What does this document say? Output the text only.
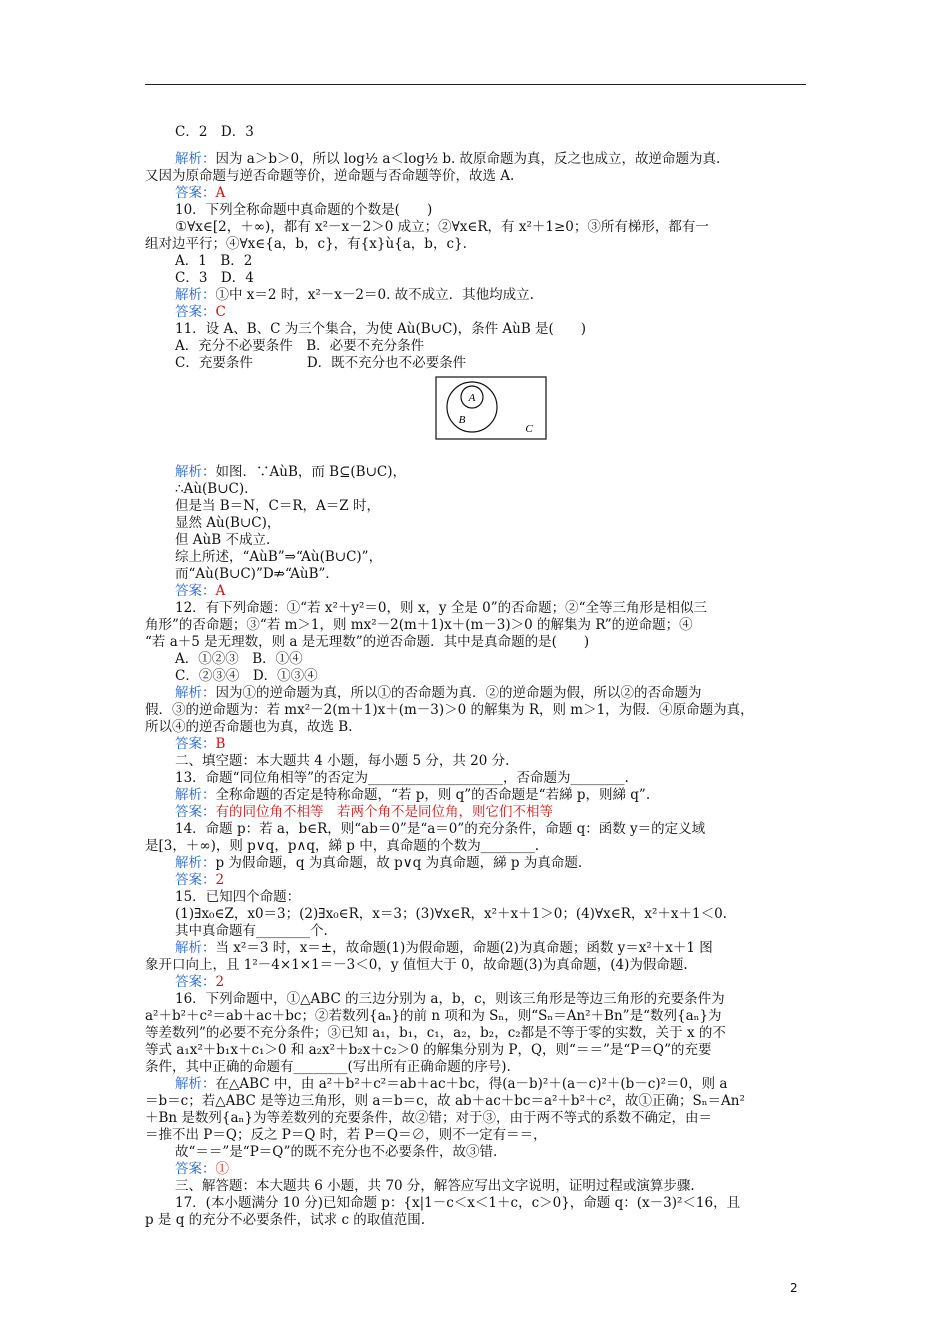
C．2　D．3
解析：因为 a＞b＞0，所以 log½ a＜log½ b. 故原命题为真，反之也成立，故逆命题为真.
又因为原命题与逆否命题等价，逆命题与否命题等价，故选 A.
答案：A
10．下列全称命题中真命题的个数是(　　)
①∀x∈[2，＋∞)，都有 x²－x－2＞0 成立；②∀x∈R，有 x²＋1≥0；③所有梯形，都有一
组对边平行；④∀x∈{a，b，c}，有{x}ù{a，b，c}.
A．1　B．2
C．3　D．4
解析：①中 x＝2 时，x²－x－2＝0. 故不成立．其他均成立.
答案：C
11．设 A、B、C 为三个集合，为使 Aù(B∪C)，条件 AùB 是(　　)
A．充分不必要条件　B．必要不充分条件
C．充要条件　　　　D．既不充分也不必要条件
A
B
C
解析：如图．∵AùB，而 B⊆(B∪C)，
∴Aù(B∪C).
但是当 B＝N，C＝R，A＝Z 时，
显然 Aù(B∪C)，
但 AùB 不成立.
综上所述，“AùB”⇒“Aù(B∪C)”，
而“Aù(B∪C)”D⇏“AùB”．
答案：A
12．有下列命题：①“若 x²＋y²＝0，则 x，y 全是 0”的否命题；②“全等三角形是相似三
角形”的否命题；③“若 m＞1，则 mx²－2(m＋1)x＋(m－3)＞0 的解集为 R”的逆命题；④
“若 a＋5 是无理数，则 a 是无理数”的逆否命题．其中是真命题的是(　　)
A．①②③　B．①④
C．②③④　D．①③④
解析：因为①的逆命题为真，所以①的否命题为真．②的逆命题为假，所以②的否命题为
假．③的逆命题为：若 mx²－2(m＋1)x＋(m－3)＞0 的解集为 R，则 m＞1，为假．④原命题为真，
所以④的逆否命题也为真，故选 B.
答案：B
二、填空题：本大题共 4 小题，每小题 5 分，共 20 分.
13．命题“同位角相等”的否定为____________________，否命题为________.
解析：全称命题的否定是特称命题，“若 p，则 q”的否命题是“若綈 p，则綈 q”.
答案：有的同位角不相等　若两个角不是同位角，则它们不相等
14．命题 p：若 a，b∈R，则“ab＝0”是“a＝0”的充分条件，命题 q：函数 y＝的定义域
是[3，＋∞)，则 p∨q，p∧q，綈 p 中，真命题的个数为________.
解析：p 为假命题，q 为真命题，故 p∨q 为真命题，綈 p 为真命题.
答案：2
15．已知四个命题：
(1)∃x₀∈Z，x0＝3；(2)∃x₀∈R，x＝3；(3)∀x∈R，x²＋x＋1＞0；(4)∀x∈R，x²＋x＋1＜0.
其中真命题有________个.
解析：当 x²＝3 时，x＝±，故命题(1)为假命题，命题(2)为真命题；函数 y＝x²＋x＋1 图
象开口向上，且 1²－4×1×1＝－3＜0，y 值恒大于 0，故命题(3)为真命题，(4)为假命题.
答案：2
16．下列命题中，①△ABC 的三边分别为 a，b，c，则该三角形是等边三角形的充要条件为
a²＋b²＋c²＝ab＋ac＋bc；②若数列{aₙ}的前 n 项和为 Sₙ，则“Sₙ＝An²＋Bn”是“数列{aₙ}为
等差数列”的必要不充分条件；③已知 a₁，b₁，c₁，a₂，b₂，c₂都是不等于零的实数，关于 x 的不
等式 a₁x²＋b₁x＋c₁＞0 和 a₂x²＋b₂x＋c₂＞0 的解集分别为 P，Q，则“＝＝”是“P＝Q”的充要
条件，其中正确的命题有________(写出所有正确命题的序号).
解析：在△ABC 中，由 a²＋b²＋c²＝ab＋ac＋bc，得(a－b)²＋(a－c)²＋(b－c)²＝0，则 a
＝b＝c；若△ABC 是等边三角形，则 a＝b＝c，故 ab＋ac＋bc＝a²＋b²＋c²，故①正确；Sₙ＝An²
＋Bn 是数列{aₙ}为等差数列的充要条件，故②错；对于③，由于两不等式的系数不确定，由＝
＝推不出 P＝Q；反之 P＝Q 时，若 P＝Q＝∅，则不一定有＝＝，
故“＝＝”是“P＝Q”的既不充分也不必要条件，故③错.
答案：①
三、解答题：本大题共 6 小题，共 70 分，解答应写出文字说明，证明过程或演算步骤.
17．(本小题满分 10 分)已知命题 p：{x|1－c＜x＜1＋c，c＞0}，命题 q：(x－3)²＜16，且
p 是 q 的充分不必要条件，试求 c 的取值范围.
2
